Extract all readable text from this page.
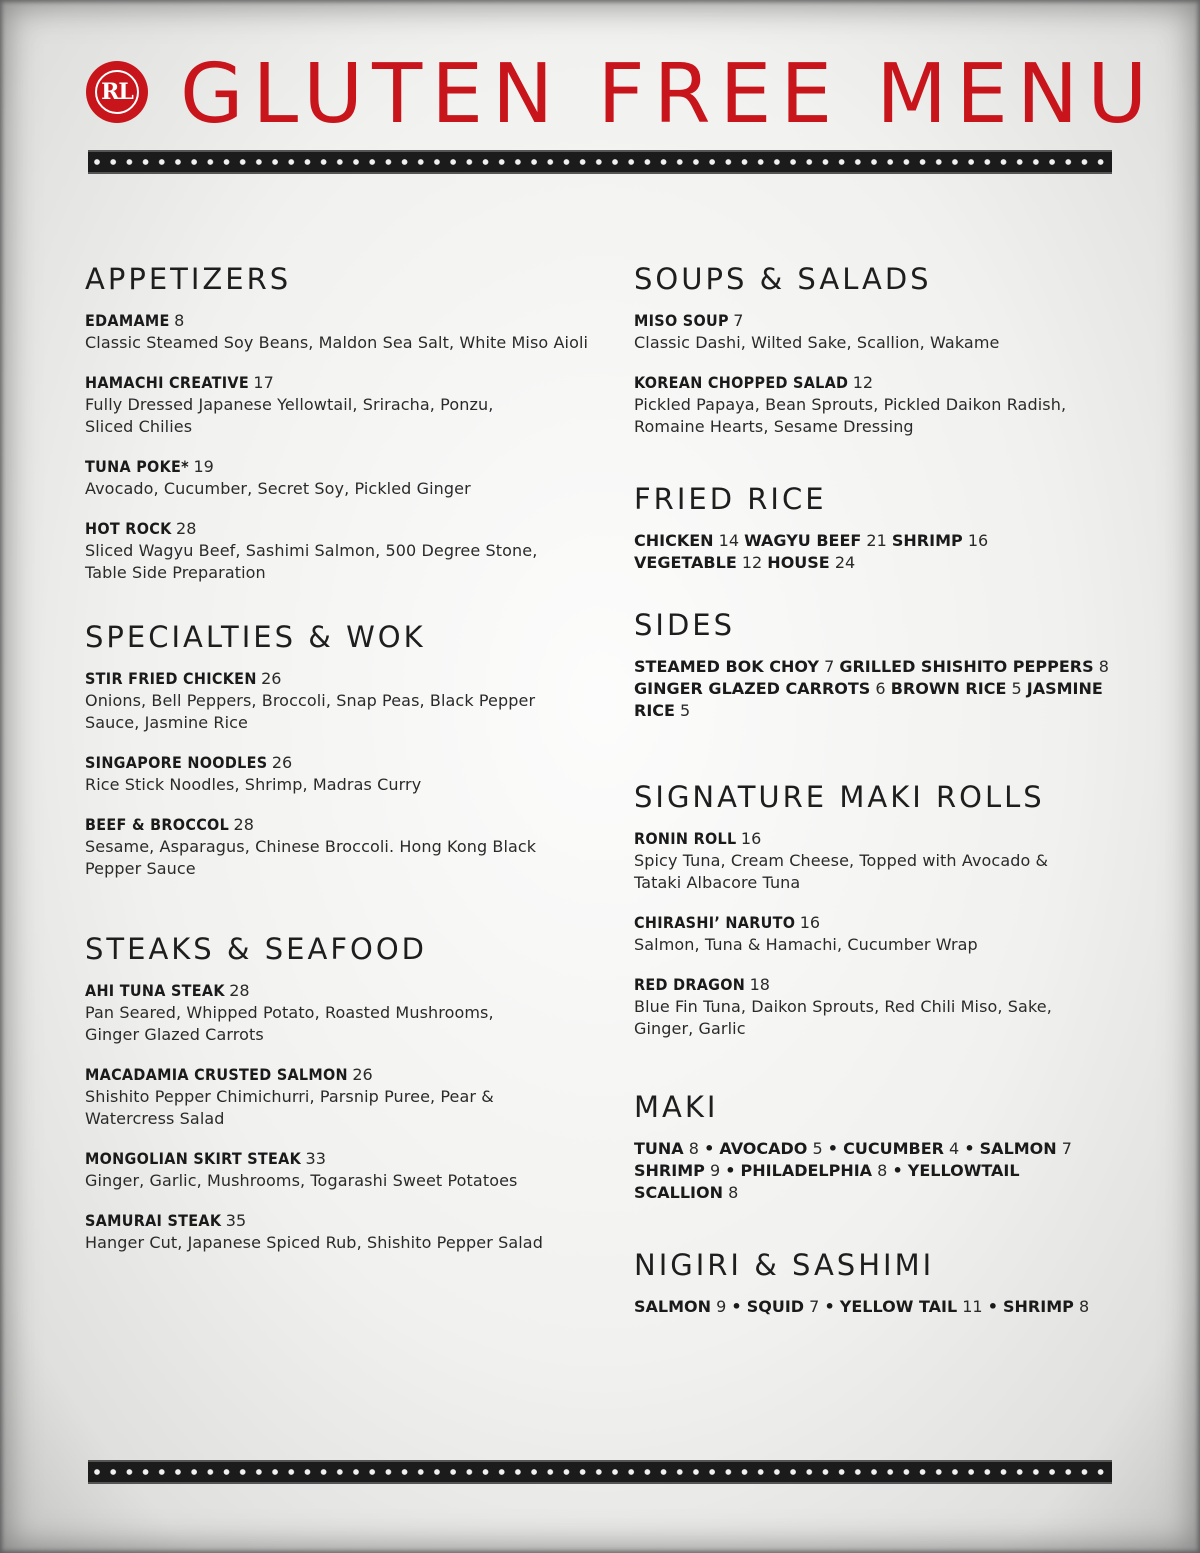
RL GLUTEN FREE MENU
APPETIZERS
EDAMAME 8
Classic Steamed Soy Beans, Maldon Sea Salt, White Miso Aioli
HAMACHI CREATIVE 17
Fully Dressed Japanese Yellowtail, Sriracha, Ponzu, Sliced Chilies
TUNA POKE* 19
Avocado, Cucumber, Secret Soy, Pickled Ginger
HOT ROCK 28
Sliced Wagyu Beef, Sashimi Salmon, 500 Degree Stone, Table Side Preparation
SPECIALTIES & WOK
STIR FRIED CHICKEN 26
Onions, Bell Peppers, Broccoli, Snap Peas, Black Pepper Sauce, Jasmine Rice
SINGAPORE NOODLES 26
Rice Stick Noodles, Shrimp, Madras Curry
BEEF & BROCCOL 28
Sesame, Asparagus, Chinese Broccoli. Hong Kong Black Pepper Sauce
STEAKS & SEAFOOD
AHI TUNA STEAK 28
Pan Seared, Whipped Potato, Roasted Mushrooms, Ginger Glazed Carrots
MACADAMIA CRUSTED SALMON 26
Shishito Pepper Chimichurri, Parsnip Puree, Pear & Watercress Salad
MONGOLIAN SKIRT STEAK 33
Ginger, Garlic, Mushrooms, Togarashi Sweet Potatoes
SAMURAI STEAK 35
Hanger Cut, Japanese Spiced Rub, Shishito Pepper Salad
SOUPS & SALADS
MISO SOUP 7
Classic Dashi, Wilted Sake, Scallion, Wakame
KOREAN CHOPPED SALAD 12
Pickled Papaya, Bean Sprouts, Pickled Daikon Radish, Romaine Hearts, Sesame Dressing
FRIED RICE
CHICKEN 14 WAGYU BEEF 21 SHRIMP 16 VEGETABLE 12 HOUSE 24
SIDES
STEAMED BOK CHOY 7 GRILLED SHISHITO PEPPERS 8 GINGER GLAZED CARROTS 6 BROWN RICE 5 JASMINE RICE 5
SIGNATURE MAKI ROLLS
RONIN ROLL 16
Spicy Tuna, Cream Cheese, Topped with Avocado & Tataki Albacore Tuna
CHIRASHI’ NARUTO 16
Salmon, Tuna & Hamachi, Cucumber Wrap
RED DRAGON 18
Blue Fin Tuna, Daikon Sprouts, Red Chili Miso, Sake, Ginger, Garlic
MAKI
TUNA 8 • AVOCADO 5 • CUCUMBER 4 • SALMON 7
SHRIMP 9 • PHILADELPHIA 8 • YELLOWTAIL SCALLION 8
NIGIRI & SASHIMI
SALMON 9 • SQUID 7 • YELLOW TAIL 11 • SHRIMP 8
